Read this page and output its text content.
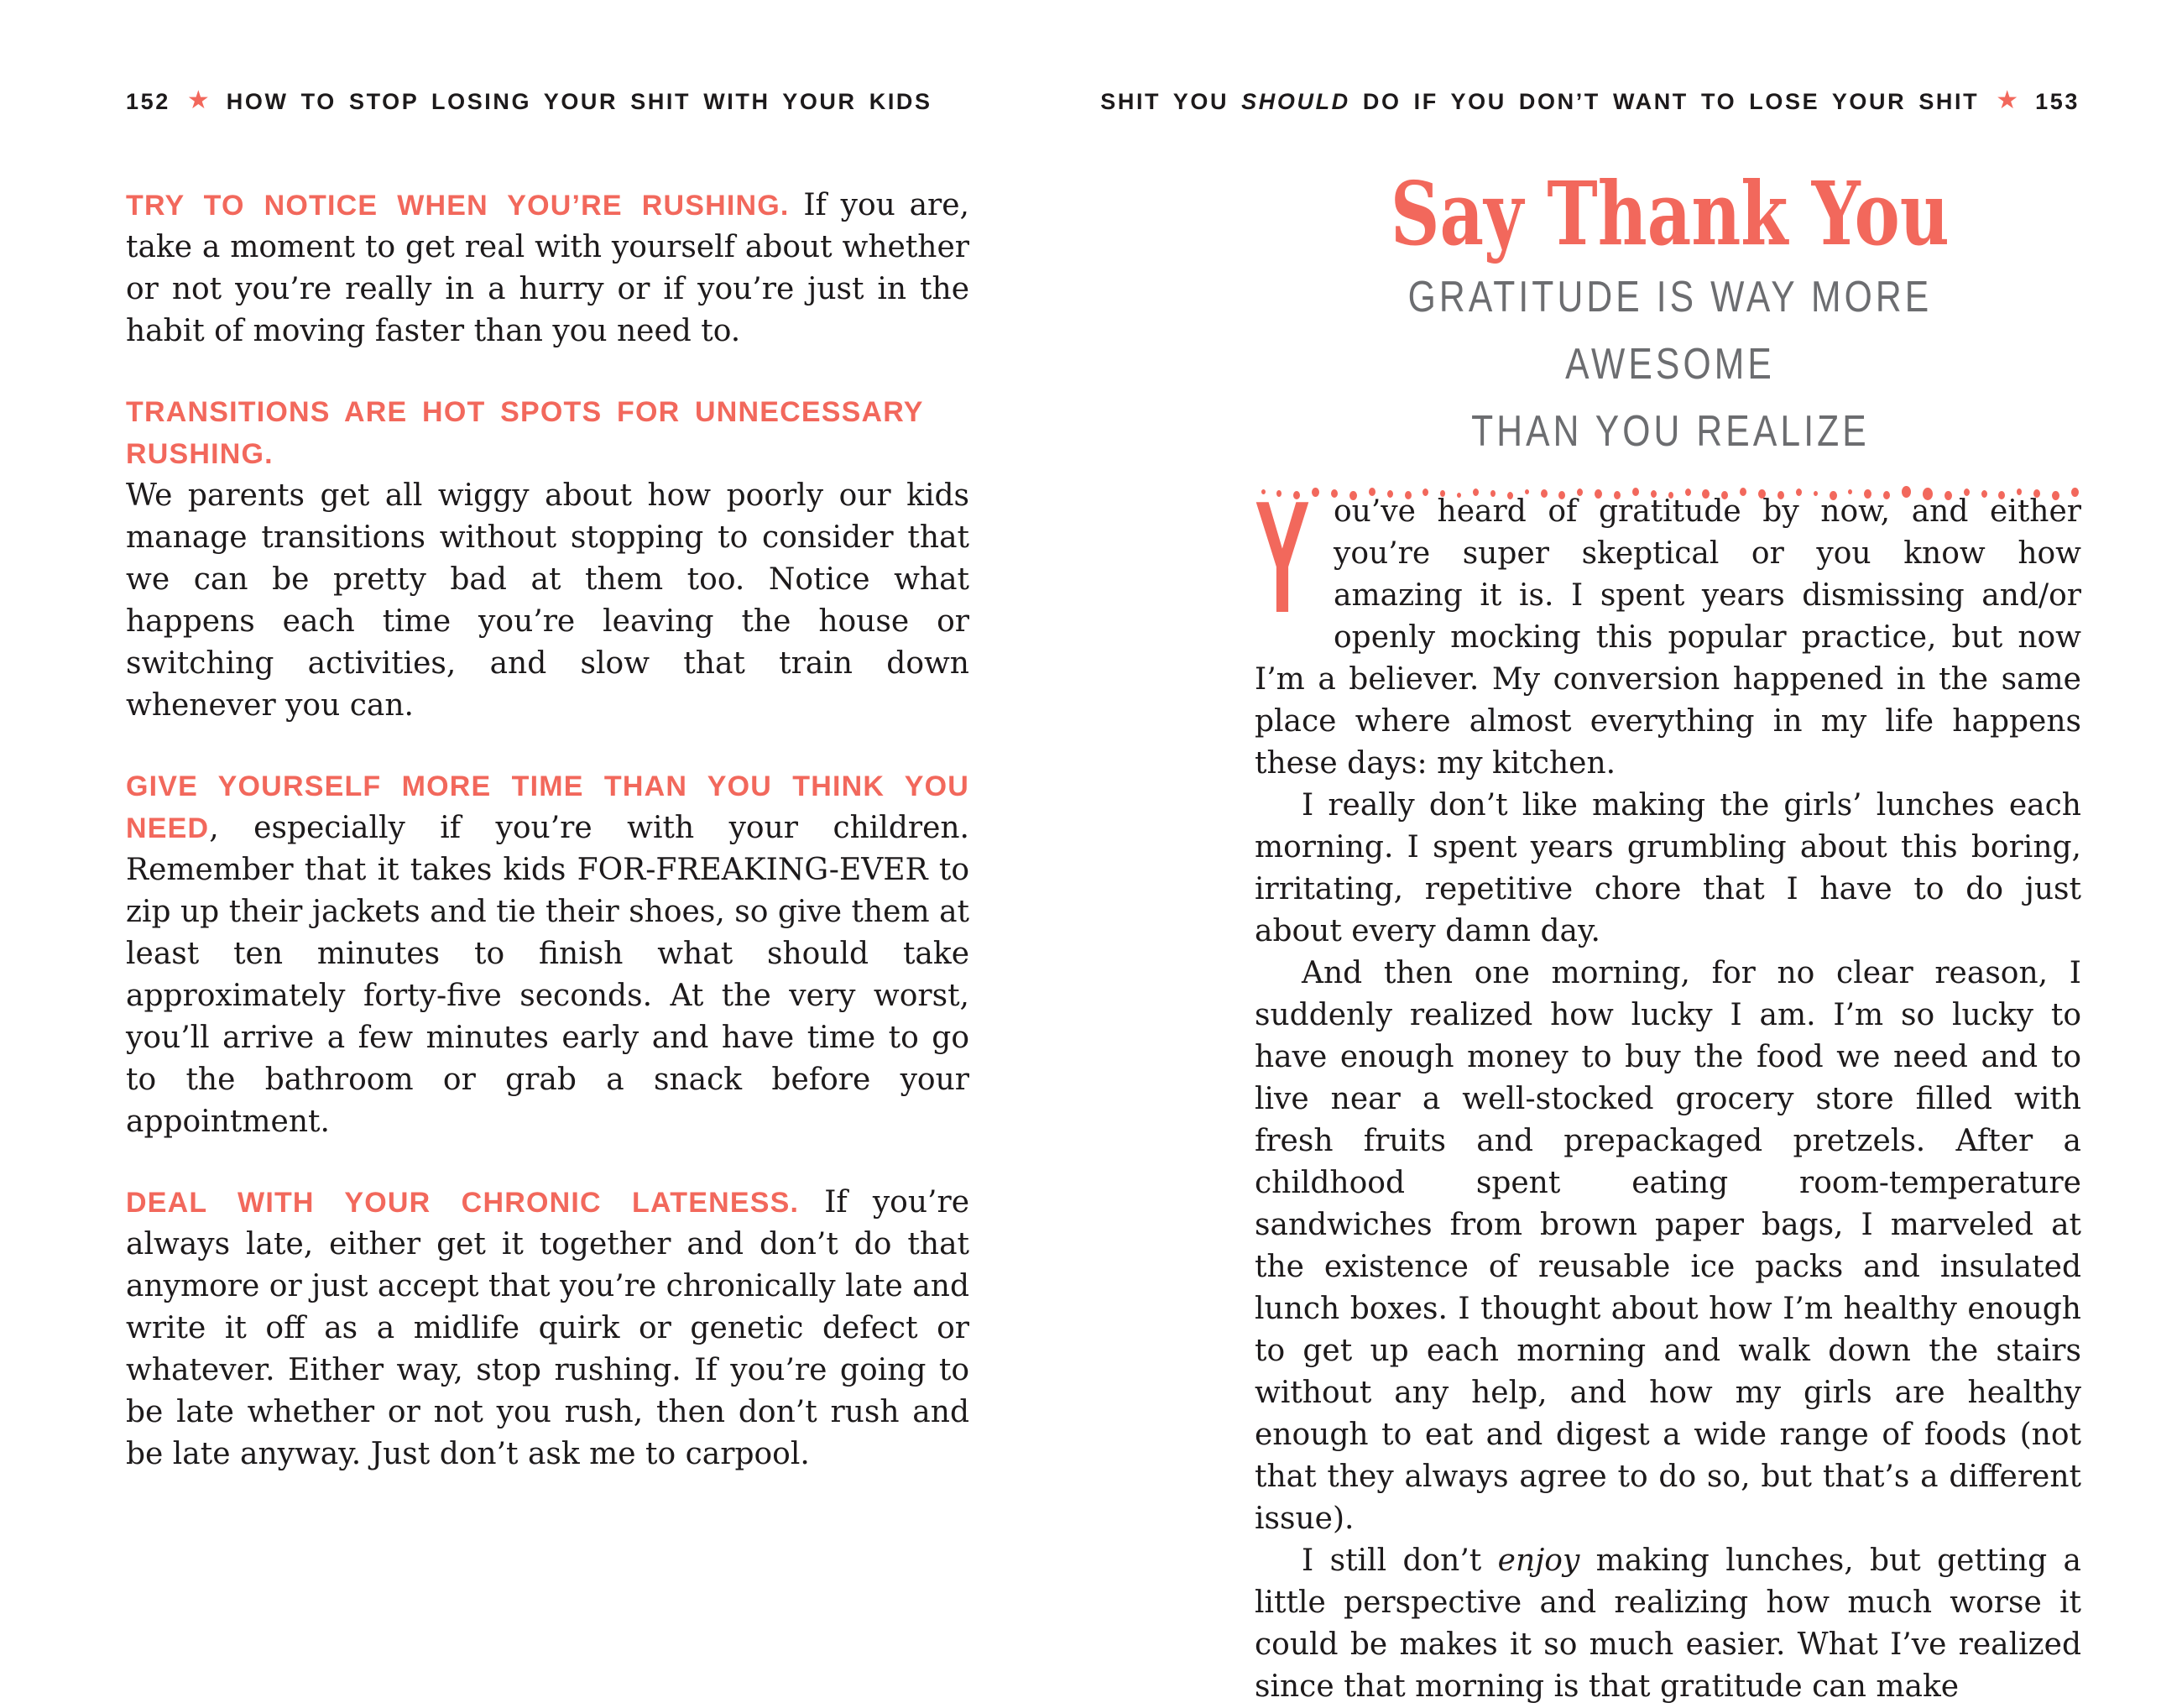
152 ★ HOW TO STOP LOSING YOUR SHIT WITH YOUR KIDS	SHIT YOU SHOULD DO IF YOU DON’T WANT TO LOSE YOUR SHIT ★ 153

TRY TO NOTICE WHEN YOU’RE RUSHING. If you are, take a moment to get real with yourself about whether or not you’re really in a hurry or if you’re just in the habit of moving faster than you need to.

TRANSITIONS ARE HOT SPOTS FOR UNNECESSARY RUSHING.
We parents get all wiggy about how poorly our kids manage transitions without stopping to consider that we can be pretty bad at them too. Notice what happens each time you’re leaving the house or switching activities, and slow that train down whenever you can.

GIVE YOURSELF MORE TIME THAN YOU THINK YOU NEED, especially if you’re with your children. Remember that it takes kids FOR-FREAKING-EVER to zip up their jackets and tie their shoes, so give them at least ten minutes to finish what should take approximately forty-five seconds. At the very worst, you’ll arrive a few minutes early and have time to go to the bathroom or grab a snack before your appointment.

DEAL WITH YOUR CHRONIC LATENESS. If you’re always late, either get it together and don’t do that anymore or just accept that you’re chronically late and write it off as a midlife quirk or genetic defect or whatever. Either way, stop rushing. If you’re going to be late whether or not you rush, then don’t rush and be late anyway. Just don’t ask me to carpool.

Say Thank You
GRATITUDE IS WAY MORE AWESOME
THAN YOU REALIZE

You’ve heard of gratitude by now, and either you’re super skeptical or you know how amazing it is. I spent years dismissing and/or openly mocking this popular practice, but now I’m a believer. My conversion happened in the same place where almost everything in my life happens these days: my kitchen.

I really don’t like making the girls’ lunches each morning. I spent years grumbling about this boring, irritating, repetitive chore that I have to do just about every damn day.

And then one morning, for no clear reason, I suddenly realized how lucky I am. I’m so lucky to have enough money to buy the food we need and to live near a well-stocked grocery store filled with fresh fruits and prepackaged pretzels. After a childhood spent eating room-temperature sandwiches from brown paper bags, I marveled at the existence of reusable ice packs and insulated lunch boxes. I thought about how I’m healthy enough to get up each morning and walk down the stairs without any help, and how my girls are healthy enough to eat and digest a wide range of foods (not that they always agree to do so, but that’s a different issue).

I still don’t enjoy making lunches, but getting a little perspective and realizing how much worse it could be makes it so much easier. What I’ve realized since that morning is that gratitude can make
